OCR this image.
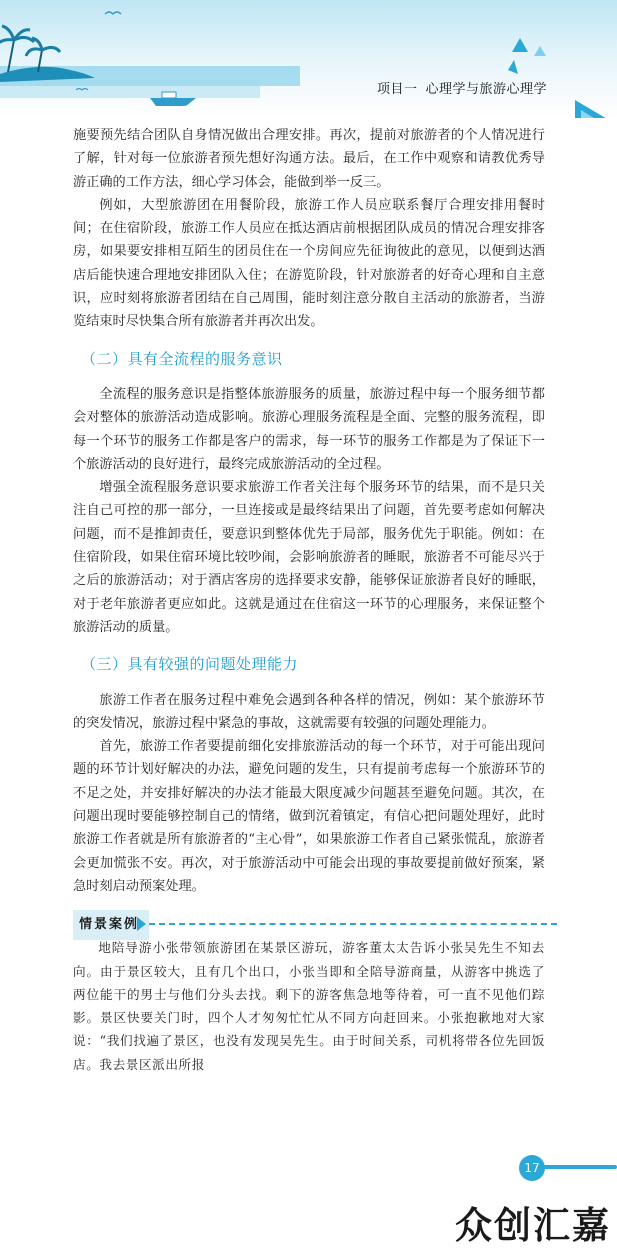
项目一 心理学与旅游心理学

施要预先结合团队自身情况做出合理安排。再次，提前对旅游者的个人情况进行了解，针对每一位旅游者预先想好沟通方法。最后，在工作中观察和请教优秀导游正确的工作方法，细心学习体会，能做到举一反三。

例如，大型旅游团在用餐阶段，旅游工作人员应联系餐厅合理安排用餐时间；在住宿阶段，旅游工作人员应在抵达酒店前根据团队成员的情况合理安排客房，如果要安排相互陌生的团员住在一个房间应先征询彼此的意见，以便到达酒店后能快速合理地安排团队入住；在游览阶段，针对旅游者的好奇心理和自主意识，应时刻将旅游者团结在自己周围，能时刻注意分散自主活动的旅游者，当游览结束时尽快集合所有旅游者并再次出发。

（二）具有全流程的服务意识

全流程的服务意识是指整体旅游服务的质量，旅游过程中每一个服务细节都会对整体的旅游活动造成影响。旅游心理服务流程是全面、完整的服务流程，即每一个环节的服务工作都是客户的需求，每一环节的服务工作都是为了保证下一个旅游活动的良好进行，最终完成旅游活动的全过程。

增强全流程服务意识要求旅游工作者关注每个服务环节的结果，而不是只关注自己可控的那一部分，一旦连接或是最终结果出了问题，首先要考虑如何解决问题，而不是推卸责任，要意识到整体优先于局部，服务优先于职能。例如：在住宿阶段，如果住宿环境比较吵闹，会影响旅游者的睡眠，旅游者不可能尽兴于之后的旅游活动；对于酒店客房的选择要求安静，能够保证旅游者良好的睡眠，对于老年旅游者更应如此。这就是通过在住宿这一环节的心理服务，来保证整个旅游活动的质量。

（三）具有较强的问题处理能力

旅游工作者在服务过程中难免会遇到各种各样的情况，例如：某个旅游环节的突发情况，旅游过程中紧急的事故，这就需要有较强的问题处理能力。

首先，旅游工作者要提前细化安排旅游活动的每一个环节，对于可能出现问题的环节计划好解决的办法，避免问题的发生，只有提前考虑每一个旅游环节的不足之处，并安排好解决的办法才能最大限度减少问题甚至避免问题。其次，在问题出现时要能够控制自己的情绪，做到沉着镇定，有信心把问题处理好，此时旅游工作者就是所有旅游者的“主心骨”，如果旅游工作者自己紧张慌乱，旅游者会更加慌张不安。再次，对于旅游活动中可能会出现的事故要提前做好预案，紧急时刻启动预案处理。

情景案例

地陪导游小张带领旅游团在某景区游玩，游客董太太告诉小张吴先生不知去向。由于景区较大，且有几个出口，小张当即和全陪导游商量，从游客中挑选了两位能干的男士与他们分头去找。剩下的游客焦急地等待着，可一直不见他们踪影。景区快要关门时，四个人才匆匆忙忙从不同方向赶回来。小张抱歉地对大家说：“我们找遍了景区，也没有发现吴先生。由于时间关系，司机将带各位先回饭店。我去景区派出所报

17
众创汇嘉
